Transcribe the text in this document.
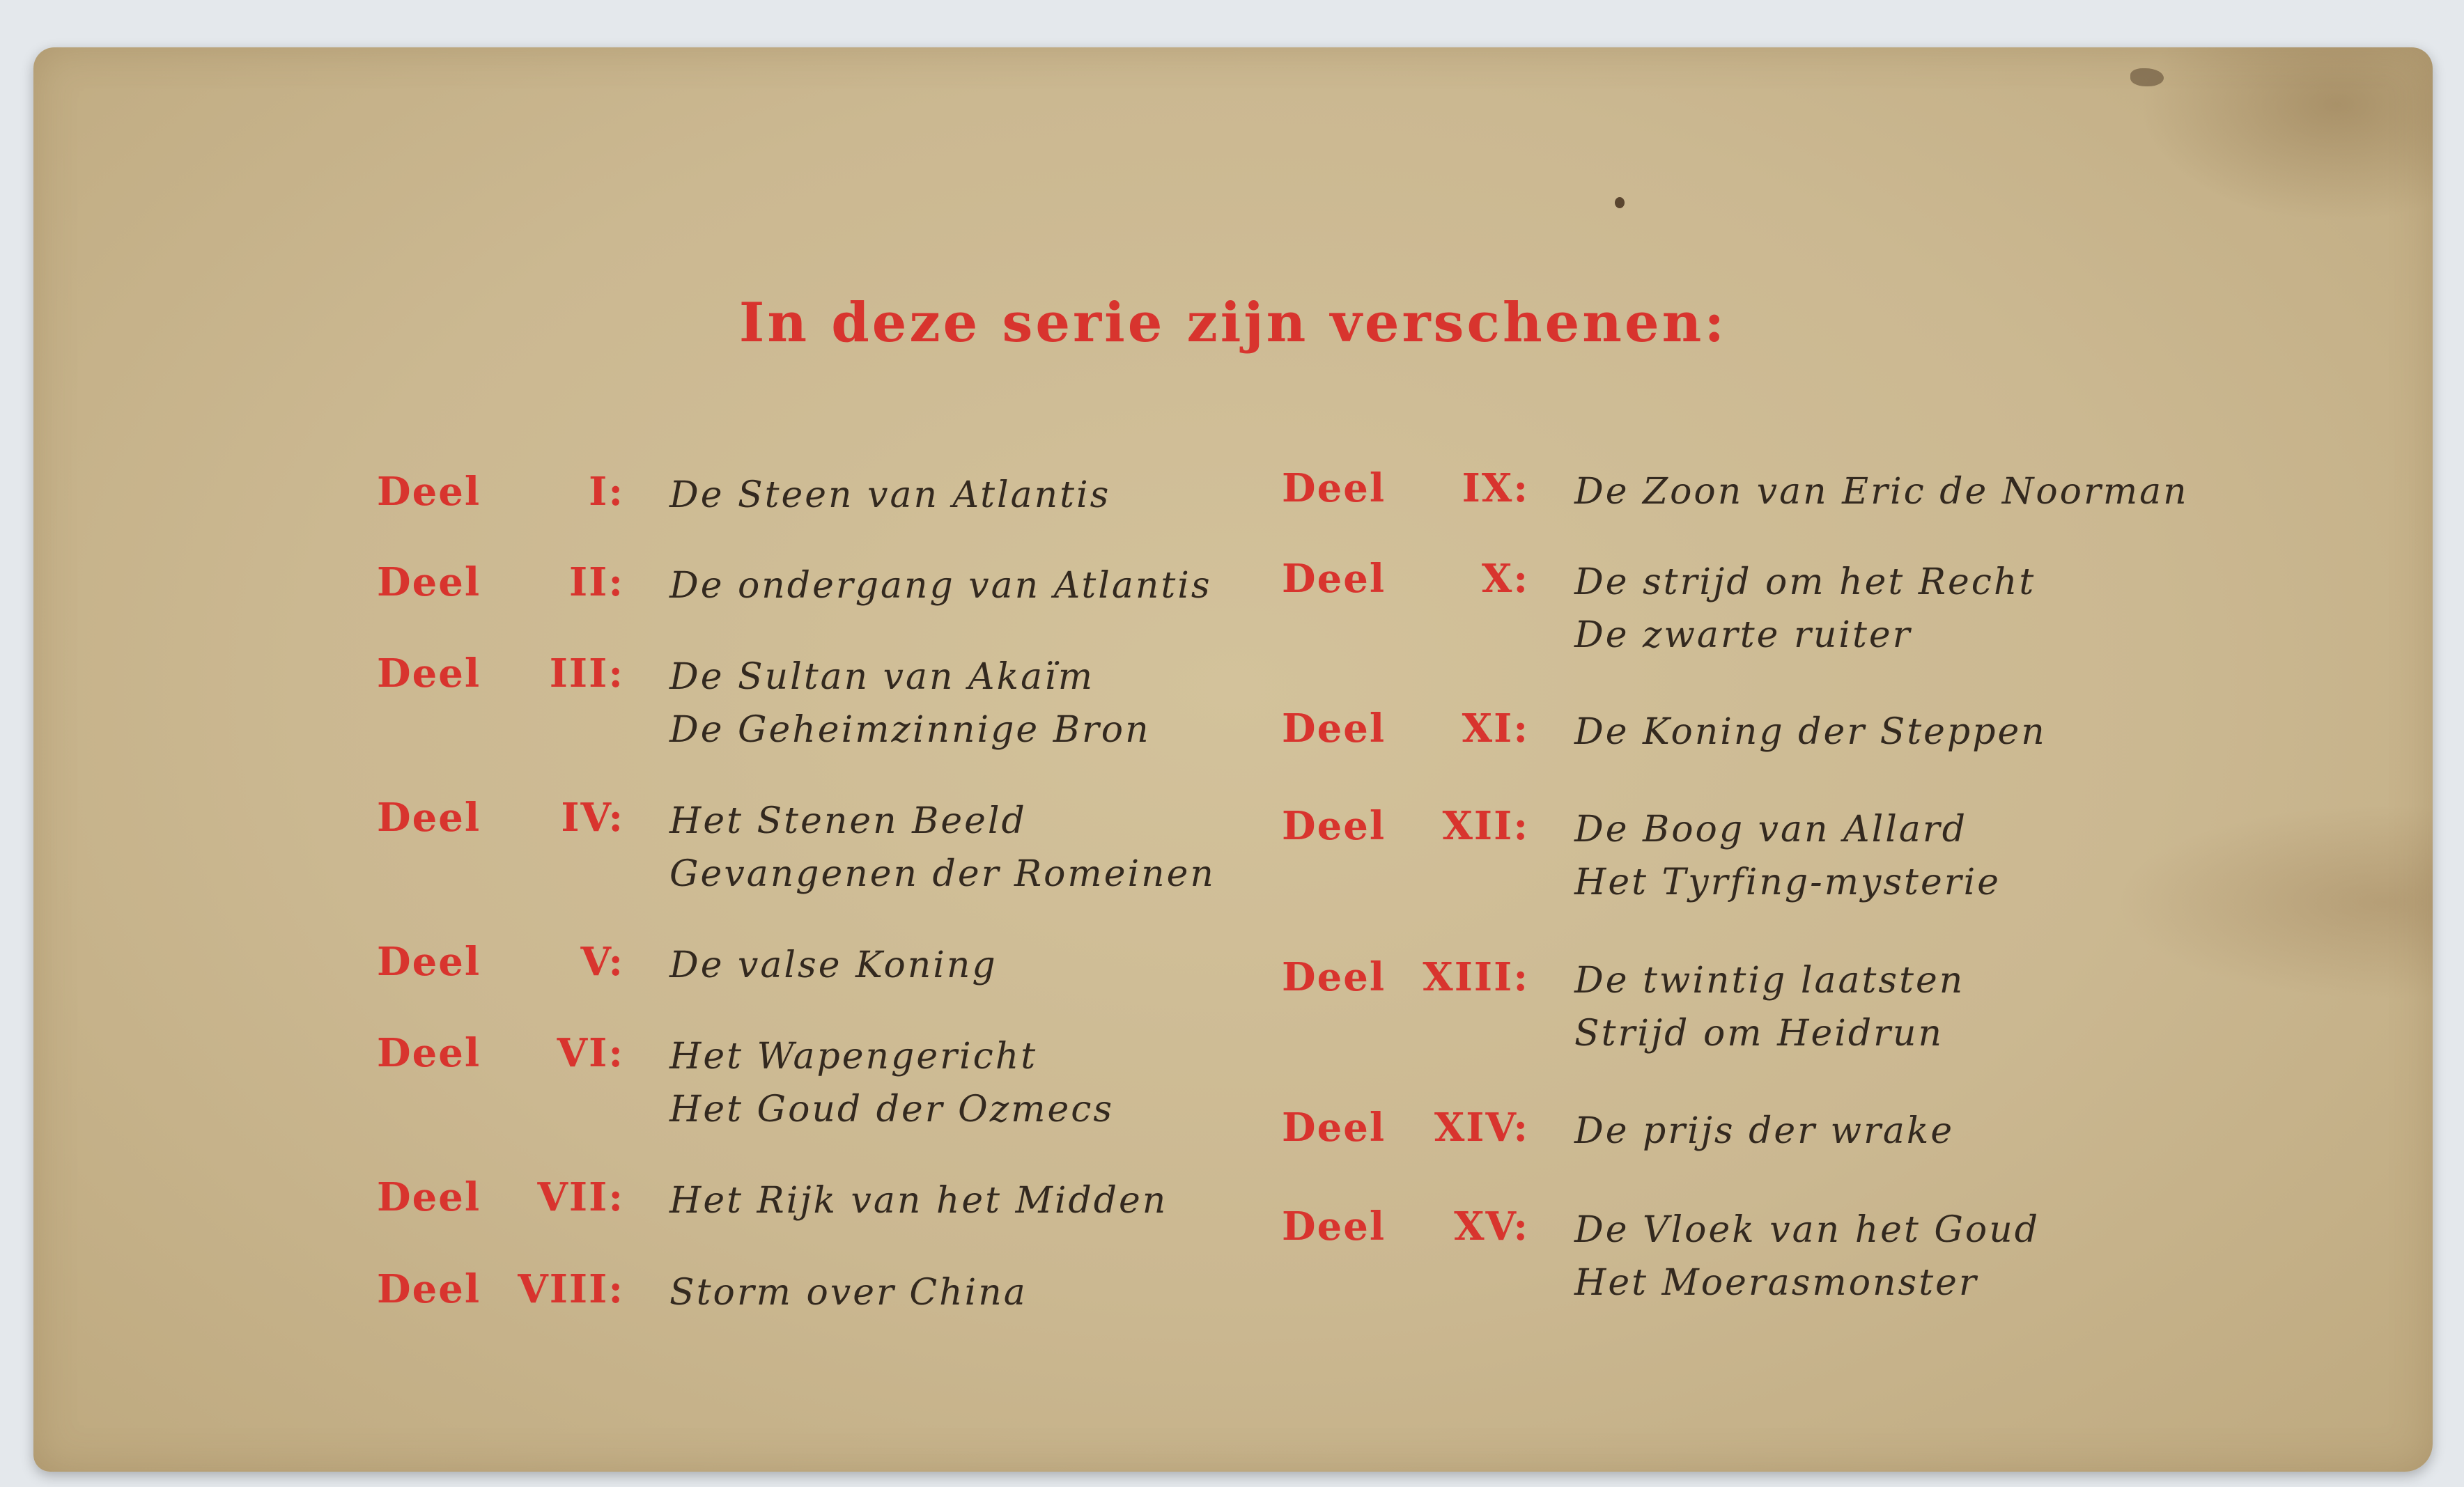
In deze serie zijn verschenen:
Deel	I: De Steen van Atlantis
Deel II: De ondergang van Atlantis
Deel III: De Sultan van Akaïm
De Geheimzinnige Bron
Deel IV: Het Stenen Beeld
Gevangenen der Romeinen
Deel	V: De valse Koning
Deel VI: Het Wapengericht
Het Goud der Ozmecs
Deel VII: Het Rijk van het Midden
Deel VIII: Storm over China
Deel IX: De Zoon van Eric de Noorman
Deel X: De strijd om het Recht
De zwarte ruiter
Deel XI: De Koning der Steppen
Deel XII: De Boog van Allard
Het Tyrfing-mysterie
Deel XIII: De twintig laatsten
Strijd om Heidrun
Deel XIV: De prijs der wrake
Deel XV: De Vloek van het Goud
Het Moerasmonster
